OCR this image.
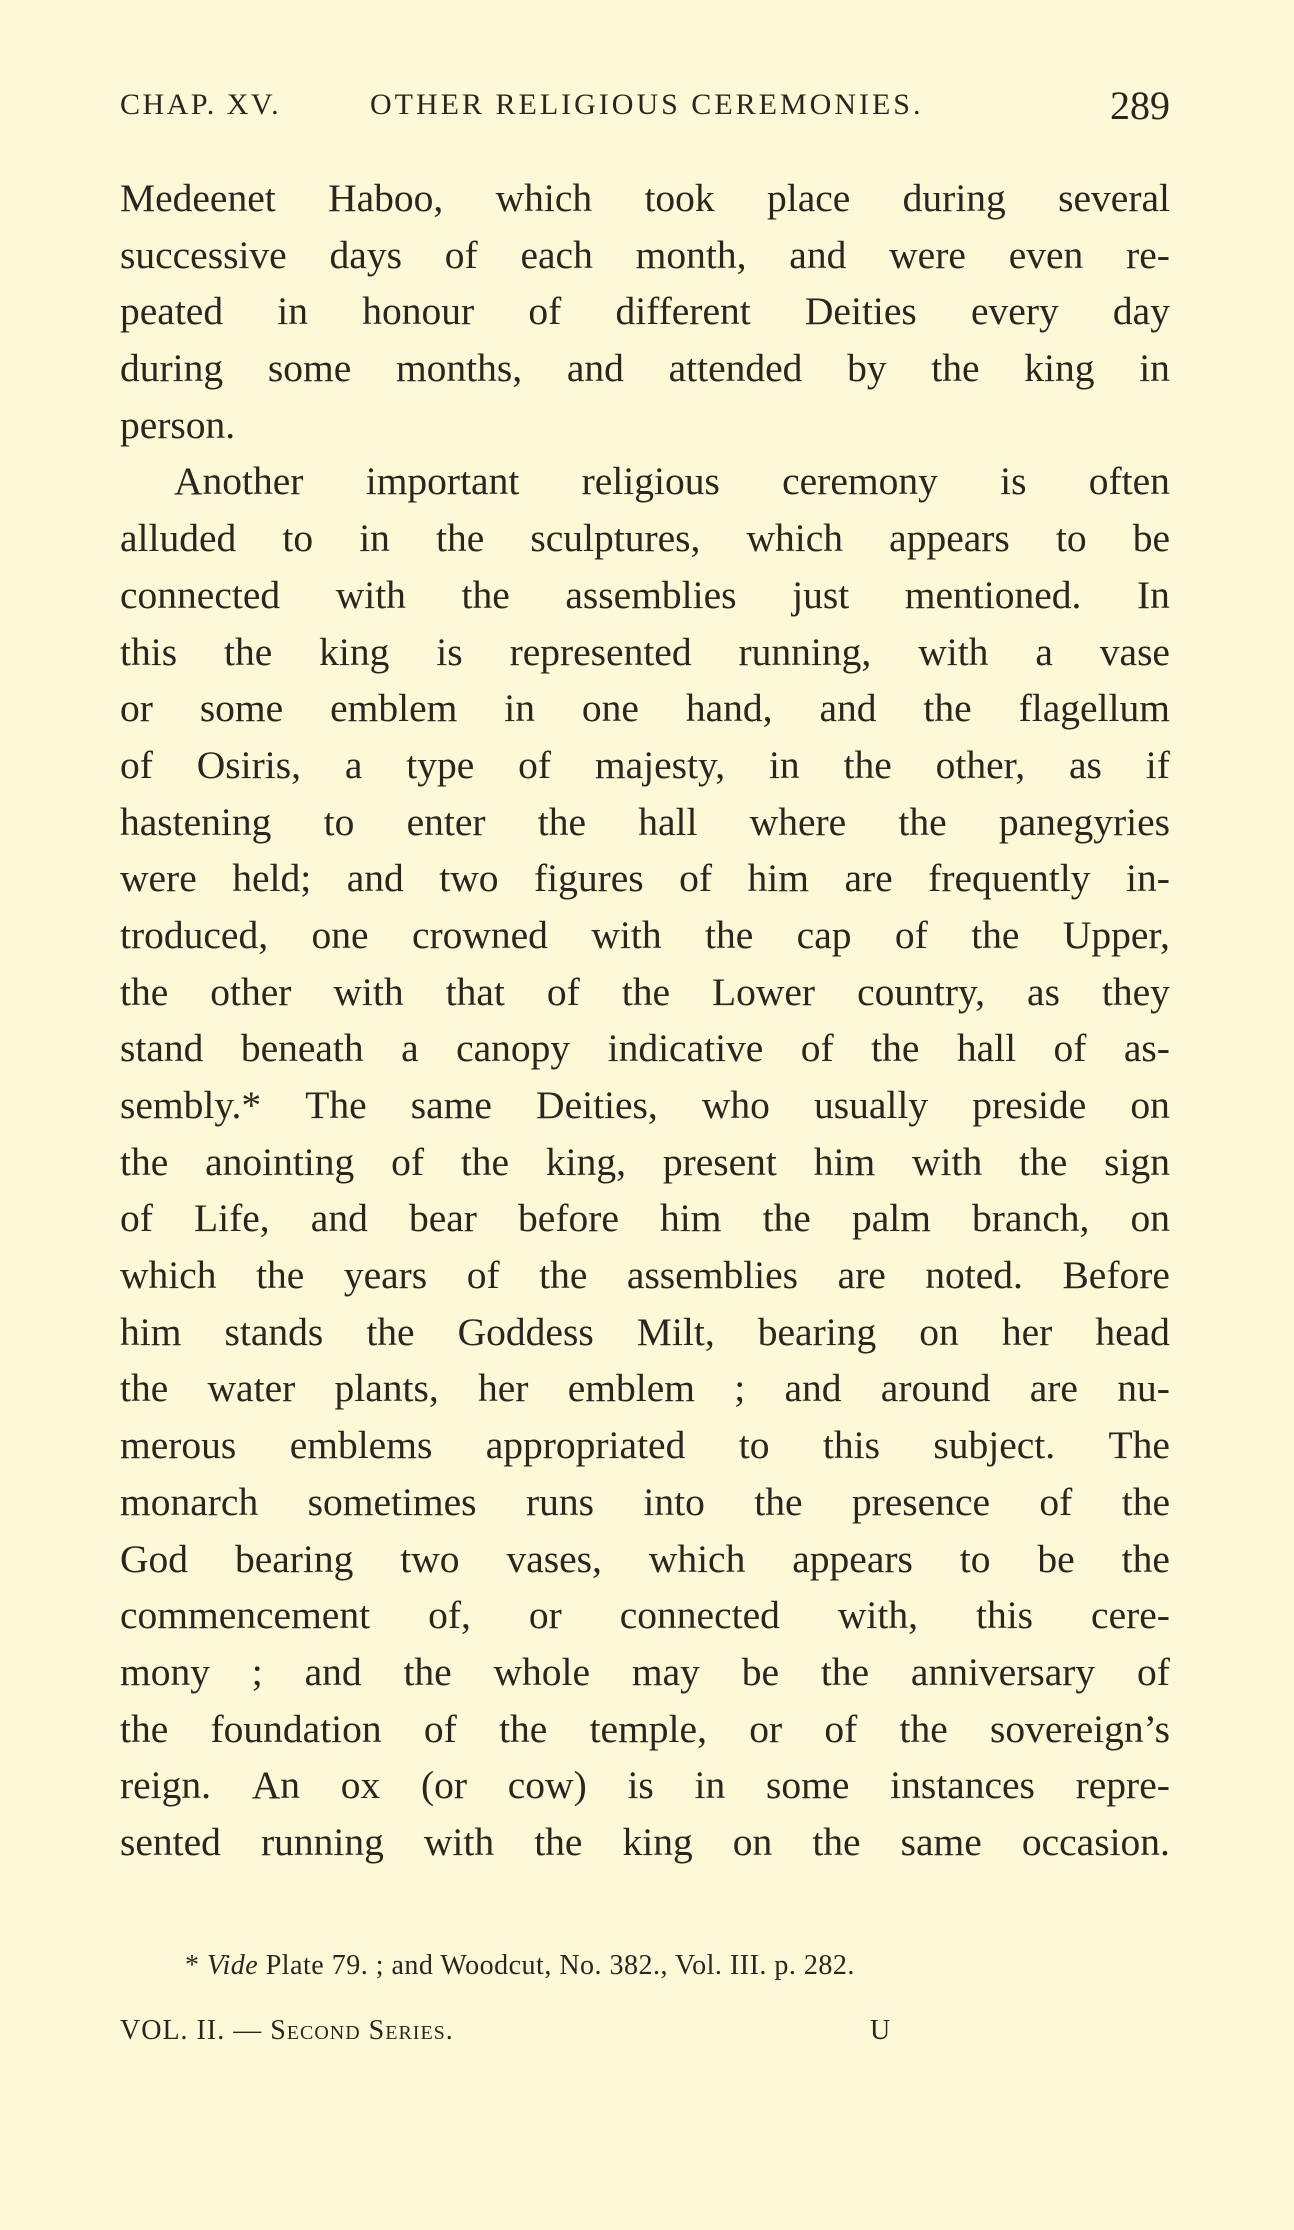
CHAP. XV.	OTHER RELIGIOUS CEREMONIES.	289
Medeenet Haboo, which took place during several
successive days of each month, and were even re-
peated in honour of different Deities every day
during some months, and attended by the king in
person.
Another important religious ceremony is often
alluded to in the sculptures, which appears to be
connected with the assemblies just mentioned. In
this the king is represented running, with a vase
or some emblem in one hand, and the flagellum
of Osiris, a type of majesty, in the other, as if
hastening to enter the hall where the panegyries
were held; and two figures of him are frequently in-
troduced, one crowned with the cap of the Upper,
the other with that of the Lower country, as they
stand beneath a canopy indicative of the hall of as-
sembly.* The same Deities, who usually preside on
the anointing of the king, present him with the sign
of Life, and bear before him the palm branch, on
which the years of the assemblies are noted. Before
him stands the Goddess Milt, bearing on her head
the water plants, her emblem ; and around are nu-
merous emblems appropriated to this subject. The
monarch sometimes runs into the presence of the
God bearing two vases, which appears to be the
commencement of, or connected with, this cere-
mony ; and the whole may be the anniversary of
the foundation of the temple, or of the sovereign’s
reign. An ox (or cow) is in some instances repre-
sented running with the king on the same occasion.
* Vide Plate 79. ; and Woodcut, No. 382., Vol. III. p. 282.
VOL. II. — Second Series.	U
